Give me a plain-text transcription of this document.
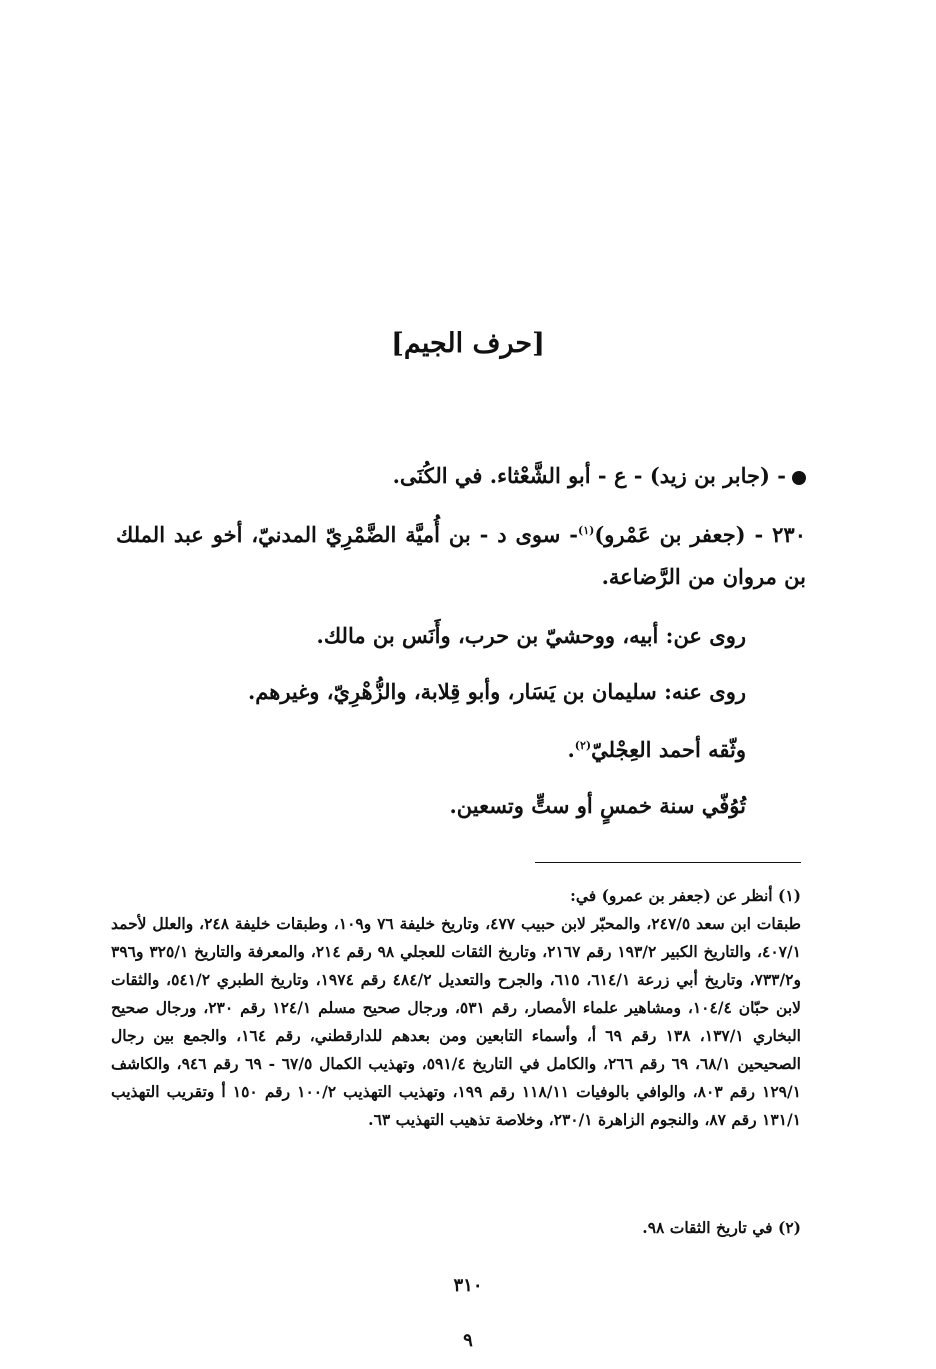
[حرف الجيم]
- (جابر بن زيد) - ع - أبو الشَّعْثاء. في الكُنَى.
٢٣٠ - (جعفر بن عَمْرو)$^{(١)}$- سوى د - بن أُميَّة الضَّمْرِيّ المدنيّ، أخو عبد الملك بن مروان من الرَّضاعة.
روى عن: أبيه، ووحشيّ بن حرب، وأَنَس بن مالك.
روى عنه: سليمان بن يَسَار، وأبو قِلابة، والزُّهْرِيّ، وغيرهم.
وثّقه أحمد العِجْليّ$^{(٢)}$.
تُوُفّي سنة خمسٍ أو ستٍّ وتسعين.
(١) أنظر عن (جعفر بن عمرو) في:
طبقات ابن سعد ٢٤٧/٥، والمحبّر لابن حبيب ٤٧٧، وتاريخ خليفة ٧٦ و١٠٩، وطبقات خليفة ٢٤٨، والعلل لأحمد ٤٠٧/١، والتاريخ الكبير ١٩٣/٢ رقم ٢١٦٧، وتاريخ الثقات للعجلي ٩٨ رقم ٢١٤، والمعرفة والتاريخ ٣٢٥/١ و٣٩٦ و٧٣٣/٢، وتاريخ أبي زرعة ٦١٤/١، ٦١٥، والجرح والتعديل ٤٨٤/٢ رقم ١٩٧٤، وتاريخ الطبري ٥٤١/٢، والثقات لابن حبّان ١٠٤/٤، ومشاهير علماء الأمصار، رقم ٥٣١، ورجال صحيح مسلم ١٢٤/١ رقم ٢٣٠، ورجال صحيح البخاري ١٣٧/١، ١٣٨ رقم ٦٩ أ، وأسماء التابعين ومن بعدهم للدارقطني، رقم ١٦٤، والجمع بين رجال الصحيحين ٦٨/١، ٦٩ رقم ٢٦٦، والكامل في التاريخ ٥٩١/٤، وتهذيب الكمال ٦٧/٥ - ٦٩ رقم ٩٤٦، والكاشف ١٢٩/١ رقم ٨٠٣، والوافي بالوفيات ١١٨/١١ رقم ١٩٩، وتهذيب التهذيب ١٠٠/٢ رقم ١٥٠ أ وتقريب التهذيب ١٣١/١ رقم ٨٧، والنجوم الزاهرة ٢٣٠/١، وخلاصة تذهيب التهذيب ٦٣.
(٢) في تاريخ الثقات ٩٨.
٣١٠
٩
